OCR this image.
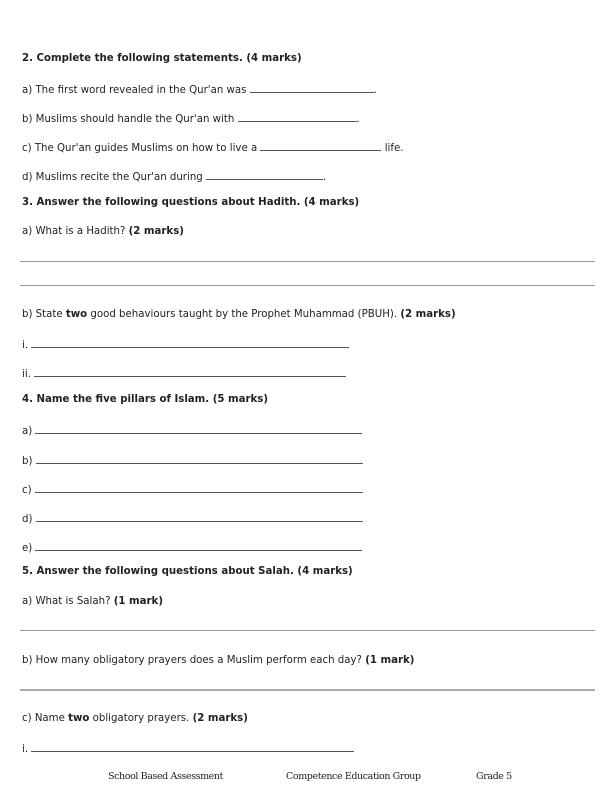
2. Complete the following statements. (4 marks)
a) The first word revealed in the Qur'an was	.
b) Muslims should handle the Qur'an with	.
c) The Qur'an guides Muslims on how to live a	life.
d) Muslims recite the Qur'an during	.
3. Answer the following questions about Hadith. (4 marks)
a) What is a Hadith? (2 marks)
b) State two good behaviours taught by the Prophet Muhammad (PBUH). (2 marks)
i.
ii.
4. Name the five pillars of Islam. (5 marks)
a)
b)
c)
d)
e)
5. Answer the following questions about Salah. (4 marks)
a) What is Salah? (1 mark)
b) How many obligatory prayers does a Muslim perform each day? (1 mark)
c) Name two obligatory prayers. (2 marks)
i.
School Based Assessment	Competence Education Group	Grade 5
